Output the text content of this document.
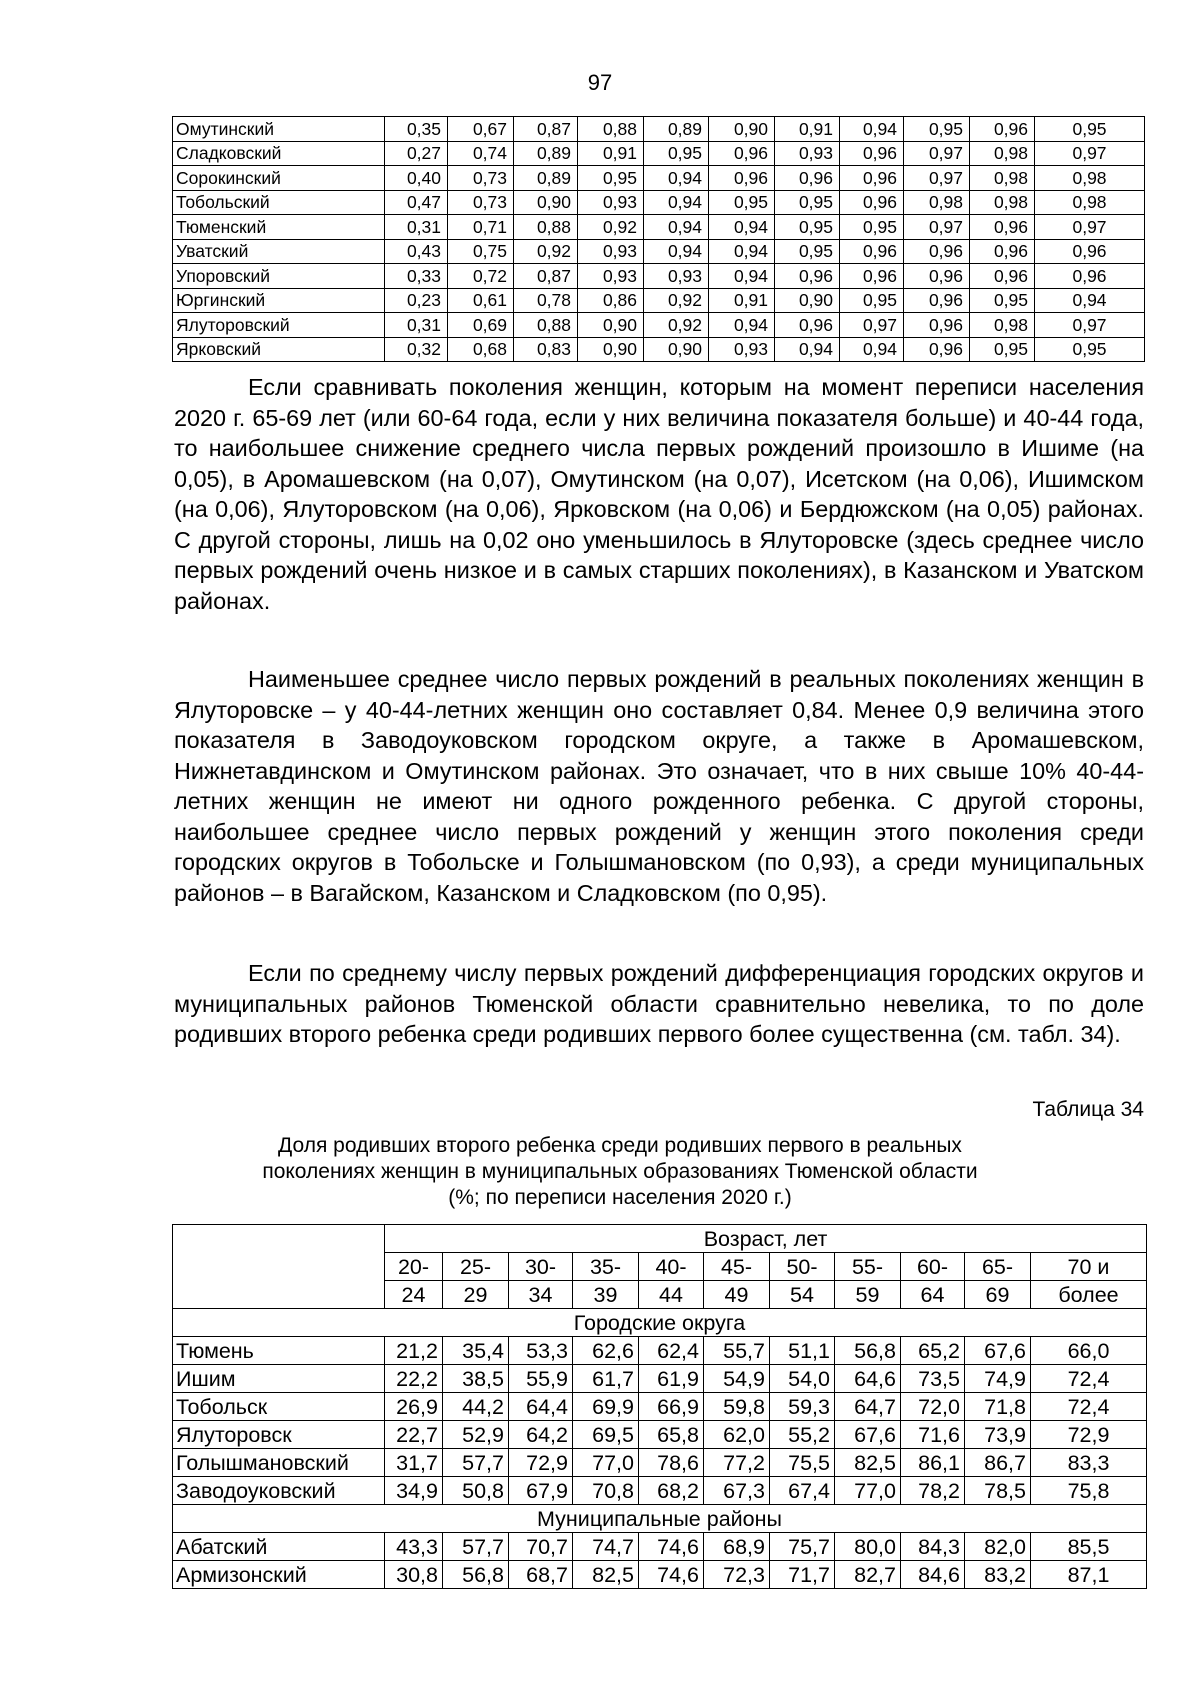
97
Омутинский	0,35	0,67	0,87	0,88	0,89	0,90	0,91	0,94	0,95	0,96	0,95
Сладковский	0,27	0,74	0,89	0,91	0,95	0,96	0,93	0,96	0,97	0,98	0,97
Сорокинский	0,40	0,73	0,89	0,95	0,94	0,96	0,96	0,96	0,97	0,98	0,98
Тобольский	0,47	0,73	0,90	0,93	0,94	0,95	0,95	0,96	0,98	0,98	0,98
Тюменский	0,31	0,71	0,88	0,92	0,94	0,94	0,95	0,95	0,97	0,96	0,97
Уватский	0,43	0,75	0,92	0,93	0,94	0,94	0,95	0,96	0,96	0,96	0,96
Упоровский	0,33	0,72	0,87	0,93	0,93	0,94	0,96	0,96	0,96	0,96	0,96
Юргинский	0,23	0,61	0,78	0,86	0,92	0,91	0,90	0,95	0,96	0,95	0,94
Ялуторовский	0,31	0,69	0,88	0,90	0,92	0,94	0,96	0,97	0,96	0,98	0,97
Ярковский	0,32	0,68	0,83	0,90	0,90	0,93	0,94	0,94	0,96	0,95	0,95

Если сравнивать поколения женщин, которым на момент переписи населения 2020 г. 65-69 лет (или 60-64 года, если у них величина показателя больше) и 40-44 года, то наибольшее снижение среднего числа первых рождений произошло в Ишиме (на 0,05), в Аромашевском (на 0,07), Омутинском (на 0,07), Исетском (на 0,06), Ишимском (на 0,06), Ялуторовском (на 0,06), Ярковском (на 0,06) и Бердюжском (на 0,05) районах. С другой стороны, лишь на 0,02 оно уменьшилось в Ялуторовске (здесь среднее число первых рождений очень низкое и в самых старших поколениях), в Казанском и Уватском районах.

Наименьшее среднее число первых рождений в реальных поколениях женщин в Ялуторовске – у 40-44-летних женщин оно составляет 0,84. Менее 0,9 величина этого показателя в Заводоуковском городском округе, а также в Аромашевском, Нижнетавдинском и Омутинском районах. Это означает, что в них свыше 10% 40-44-летних женщин не имеют ни одного рожденного ребенка. С другой стороны, наибольшее среднее число первых рождений у женщин этого поколения среди городских округов в Тобольске и Голышмановском (по 0,93), а среди муниципальных районов – в Вагайском, Казанском и Сладковском (по 0,95).

Если по среднему числу первых рождений дифференциация городских округов и муниципальных районов Тюменской области сравнительно невелика, то по доле родивших второго ребенка среди родивших первого более существенна (см. табл. 34).

Таблица 34
Доля родивших второго ребенка среди родивших первого в реальных
поколениях женщин в муниципальных образованиях Тюменской области
(%; по переписи населения 2020 г.)
	Возраст, лет										
	20-	25-	30-	35-	40-	45-	50-	55-	60-	65-	70 и
	24	29	34	39	44	49	54	59	64	69	более
Городские округа											
Тюмень	21,2	35,4	53,3	62,6	62,4	55,7	51,1	56,8	65,2	67,6	66,0
Ишим	22,2	38,5	55,9	61,7	61,9	54,9	54,0	64,6	73,5	74,9	72,4
Тобольск	26,9	44,2	64,4	69,9	66,9	59,8	59,3	64,7	72,0	71,8	72,4
Ялуторовск	22,7	52,9	64,2	69,5	65,8	62,0	55,2	67,6	71,6	73,9	72,9
Голышмановский	31,7	57,7	72,9	77,0	78,6	77,2	75,5	82,5	86,1	86,7	83,3
Заводоуковский	34,9	50,8	67,9	70,8	68,2	67,3	67,4	77,0	78,2	78,5	75,8
Муниципальные районы											
Абатский	43,3	57,7	70,7	74,7	74,6	68,9	75,7	80,0	84,3	82,0	85,5
Армизонский	30,8	56,8	68,7	82,5	74,6	72,3	71,7	82,7	84,6	83,2	87,1
